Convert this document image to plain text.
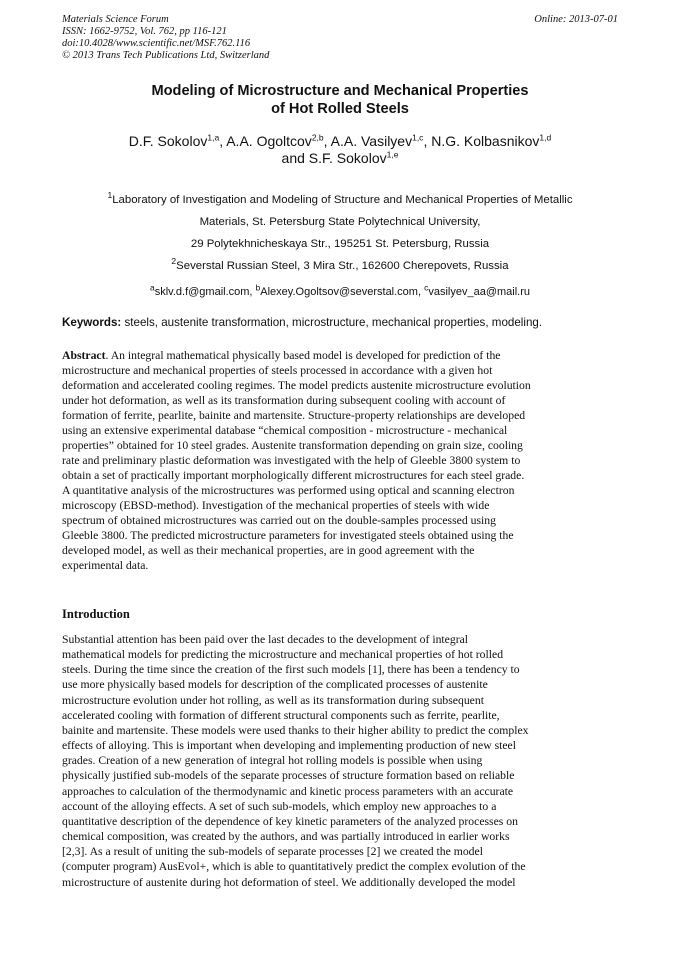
Materials Science Forum
ISSN: 1662-9752, Vol. 762, pp 116-121
doi:10.4028/www.scientific.net/MSF.762.116
© 2013 Trans Tech Publications Ltd, Switzerland
Online: 2013-07-01
Modeling of Microstructure and Mechanical Properties
of Hot Rolled Steels
D.F. Sokolov$^{1,a}$, A.A. Ogoltcov$^{2,b}$, A.A. Vasilyev$^{1,c}$, N.G. Kolbasnikov$^{1,d}$
and S.F. Sokolov$^{1,e}$
$^1$Laboratory of Investigation and Modeling of Structure and Mechanical Properties of Metallic
Materials, St. Petersburg State Polytechnical University,
29 Polytekhnicheskaya Str., 195251 St. Petersburg, Russia
$^2$Severstal Russian Steel, 3 Mira Str., 162600 Cherepovets, Russia
$^a$sklv.d.f@gmail.com, $^b$Alexey.Ogoltsov@severstal.com, $^c$vasilyev_aa@mail.ru
Keywords: steels, austenite transformation, microstructure, mechanical properties, modeling.
Abstract. An integral mathematical physically based model is developed for prediction of the
microstructure and mechanical properties of steels processed in accordance with a given hot
deformation and accelerated cooling regimes. The model predicts austenite microstructure evolution
under hot deformation, as well as its transformation during subsequent cooling with account of
formation of ferrite, pearlite, bainite and martensite. Structure-property relationships are developed
using an extensive experimental database “chemical composition - microstructure - mechanical
properties” obtained for 10 steel grades. Austenite transformation depending on grain size, cooling
rate and preliminary plastic deformation was investigated with the help of Gleeble 3800 system to
obtain a set of practically important morphologically different microstructures for each steel grade.
A quantitative analysis of the microstructures was performed using optical and scanning electron
microscopy (EBSD-method). Investigation of the mechanical properties of steels with wide
spectrum of obtained microstructures was carried out on the double-samples processed using
Gleeble 3800. The predicted microstructure parameters for investigated steels obtained using the
developed model, as well as their mechanical properties, are in good agreement with the
experimental data.
Introduction
Substantial attention has been paid over the last decades to the development of integral
mathematical models for predicting the microstructure and mechanical properties of hot rolled
steels. During the time since the creation of the first such models [1], there has been a tendency to
use more physically based models for description of the complicated processes of austenite
microstructure evolution under hot rolling, as well as its transformation during subsequent
accelerated cooling with formation of different structural components such as ferrite, pearlite,
bainite and martensite. These models were used thanks to their higher ability to predict the complex
effects of alloying. This is important when developing and implementing production of new steel
grades. Creation of a new generation of integral hot rolling models is possible when using
physically justified sub-models of the separate processes of structure formation based on reliable
approaches to calculation of the thermodynamic and kinetic process parameters with an accurate
account of the alloying effects. A set of such sub-models, which employ new approaches to a
quantitative description of the dependence of key kinetic parameters of the analyzed processes on
chemical composition, was created by the authors, and was partially introduced in earlier works
[2,3]. As a result of uniting the sub-models of separate processes [2] we created the model
(computer program) AusEvol+, which is able to quantitatively predict the complex evolution of the
microstructure of austenite during hot deformation of steel. We additionally developed the model
